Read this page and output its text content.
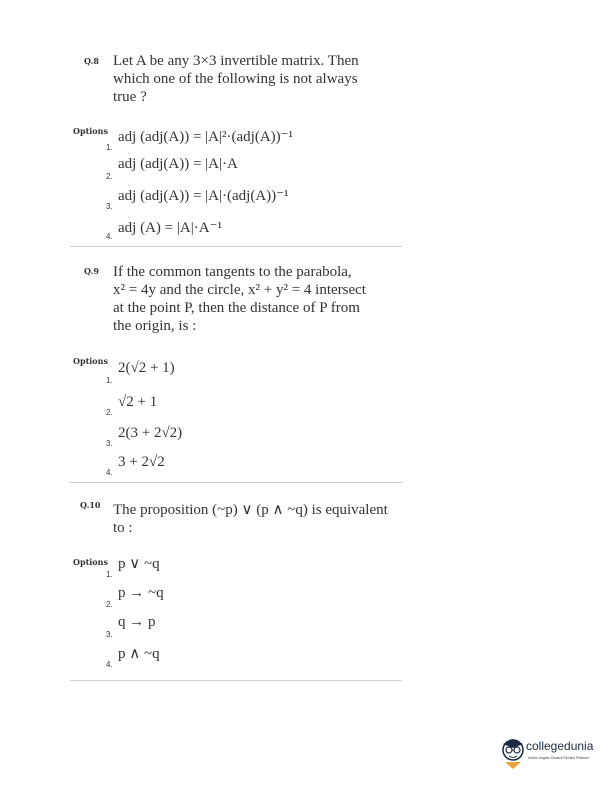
Q.8 Let A be any 3×3 invertible matrix. Then
which one of the following is not always
true ?
Options
1.
adj (adj(A)) = |A|²·(adj(A))⁻¹
2.
adj (adj(A)) = |A|·A
3.
adj (adj(A)) = |A|·(adj(A))⁻¹
4.
adj (A) = |A|·A⁻¹
Q.9 If the common tangents to the parabola,
x² = 4y and the circle, x² + y² = 4 intersect
at the point P, then the distance of P from
the origin, is :
Options
1.
2(√2 + 1)
2.
√2 + 1
3.
2(3 + 2√2)
4.
3 + 2√2
Q.10 The proposition (~p) ∨ (p ∧ ~q) is equivalent
to :
Options
1.
p ∨ ~q
2.
p → ~q
3.
q → p
4.
p ∧ ~q
collegedunia
India's largest Student Review Platform
